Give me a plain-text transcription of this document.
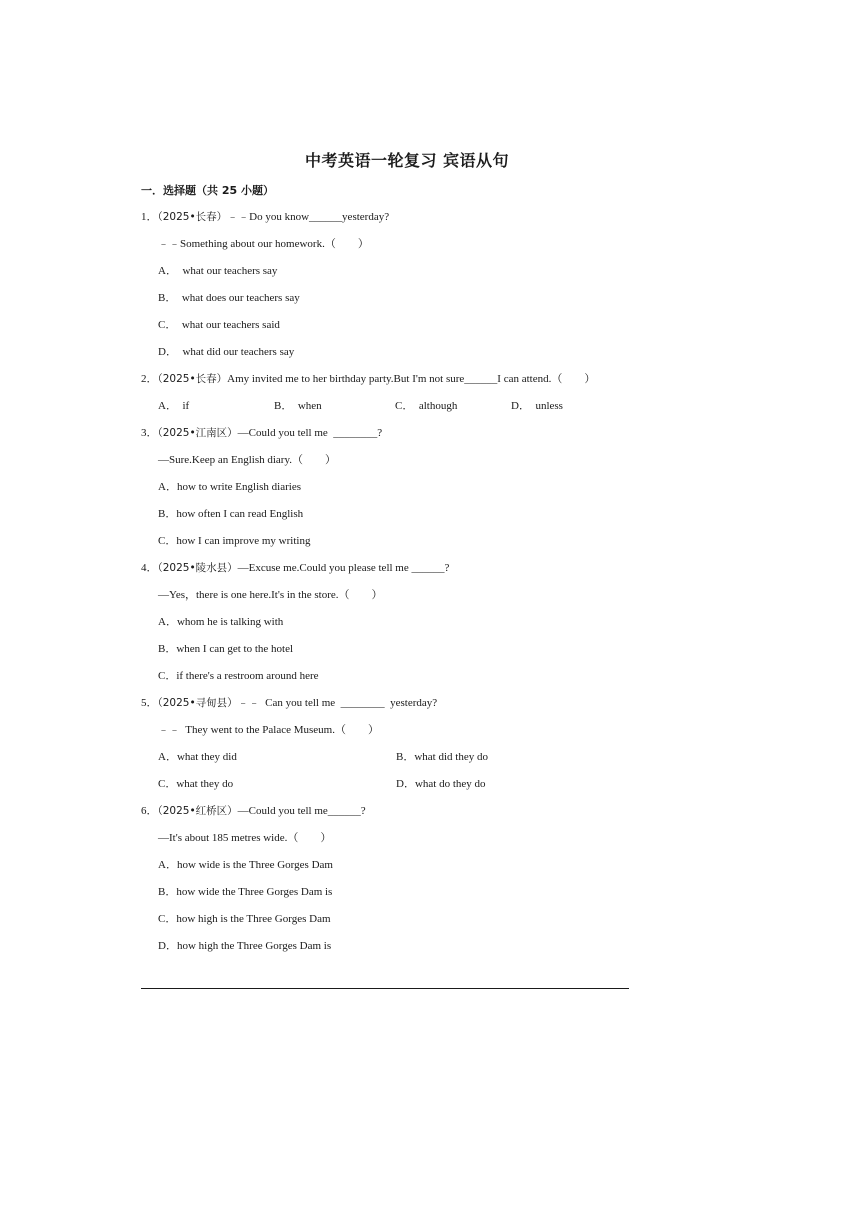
中考英语一轮复习 宾语从句
一．选择题（共 25 小题）
1．（2025•长春）﹣﹣Do you know______yesterday?
﹣﹣Something about our homework.（　　）
A．  what our teachers say
B．  what does our teachers say
C．  what our teachers said
D．  what did our teachers say
2．（2025•长春）Amy invited me to her birthday party.But I'm not sure______I can attend.（　　）
A．  if	B．  when	C．  although	D．  unless
3．（2025•江南区）—Could you tell me  ________?
—Sure.Keep an English diary.（　　）
A．how to write English diaries
B．how often I can read English
C．how I can improve my writing
4．（2025•陵水县）—Excuse me.Could you please tell me ______?
—Yes，there is one here.It's in the store.（　　）
A．whom he is talking with
B．when I can get to the hotel
C．if there's a restroom around here
5．（2025•寻甸县）﹣﹣  Can you tell me  ________  yesterday?
﹣﹣  They went to the Palace Museum.（　　）
A．what they did	B．what did they do
C．what they do	D．what do they do
6．（2025•红桥区）—Could you tell me______?
—It's about 185 metres wide.（　　）
A．how wide is the Three Gorges Dam
B．how wide the Three Gorges Dam is
C．how high is the Three Gorges Dam
D．how high the Three Gorges Dam is
